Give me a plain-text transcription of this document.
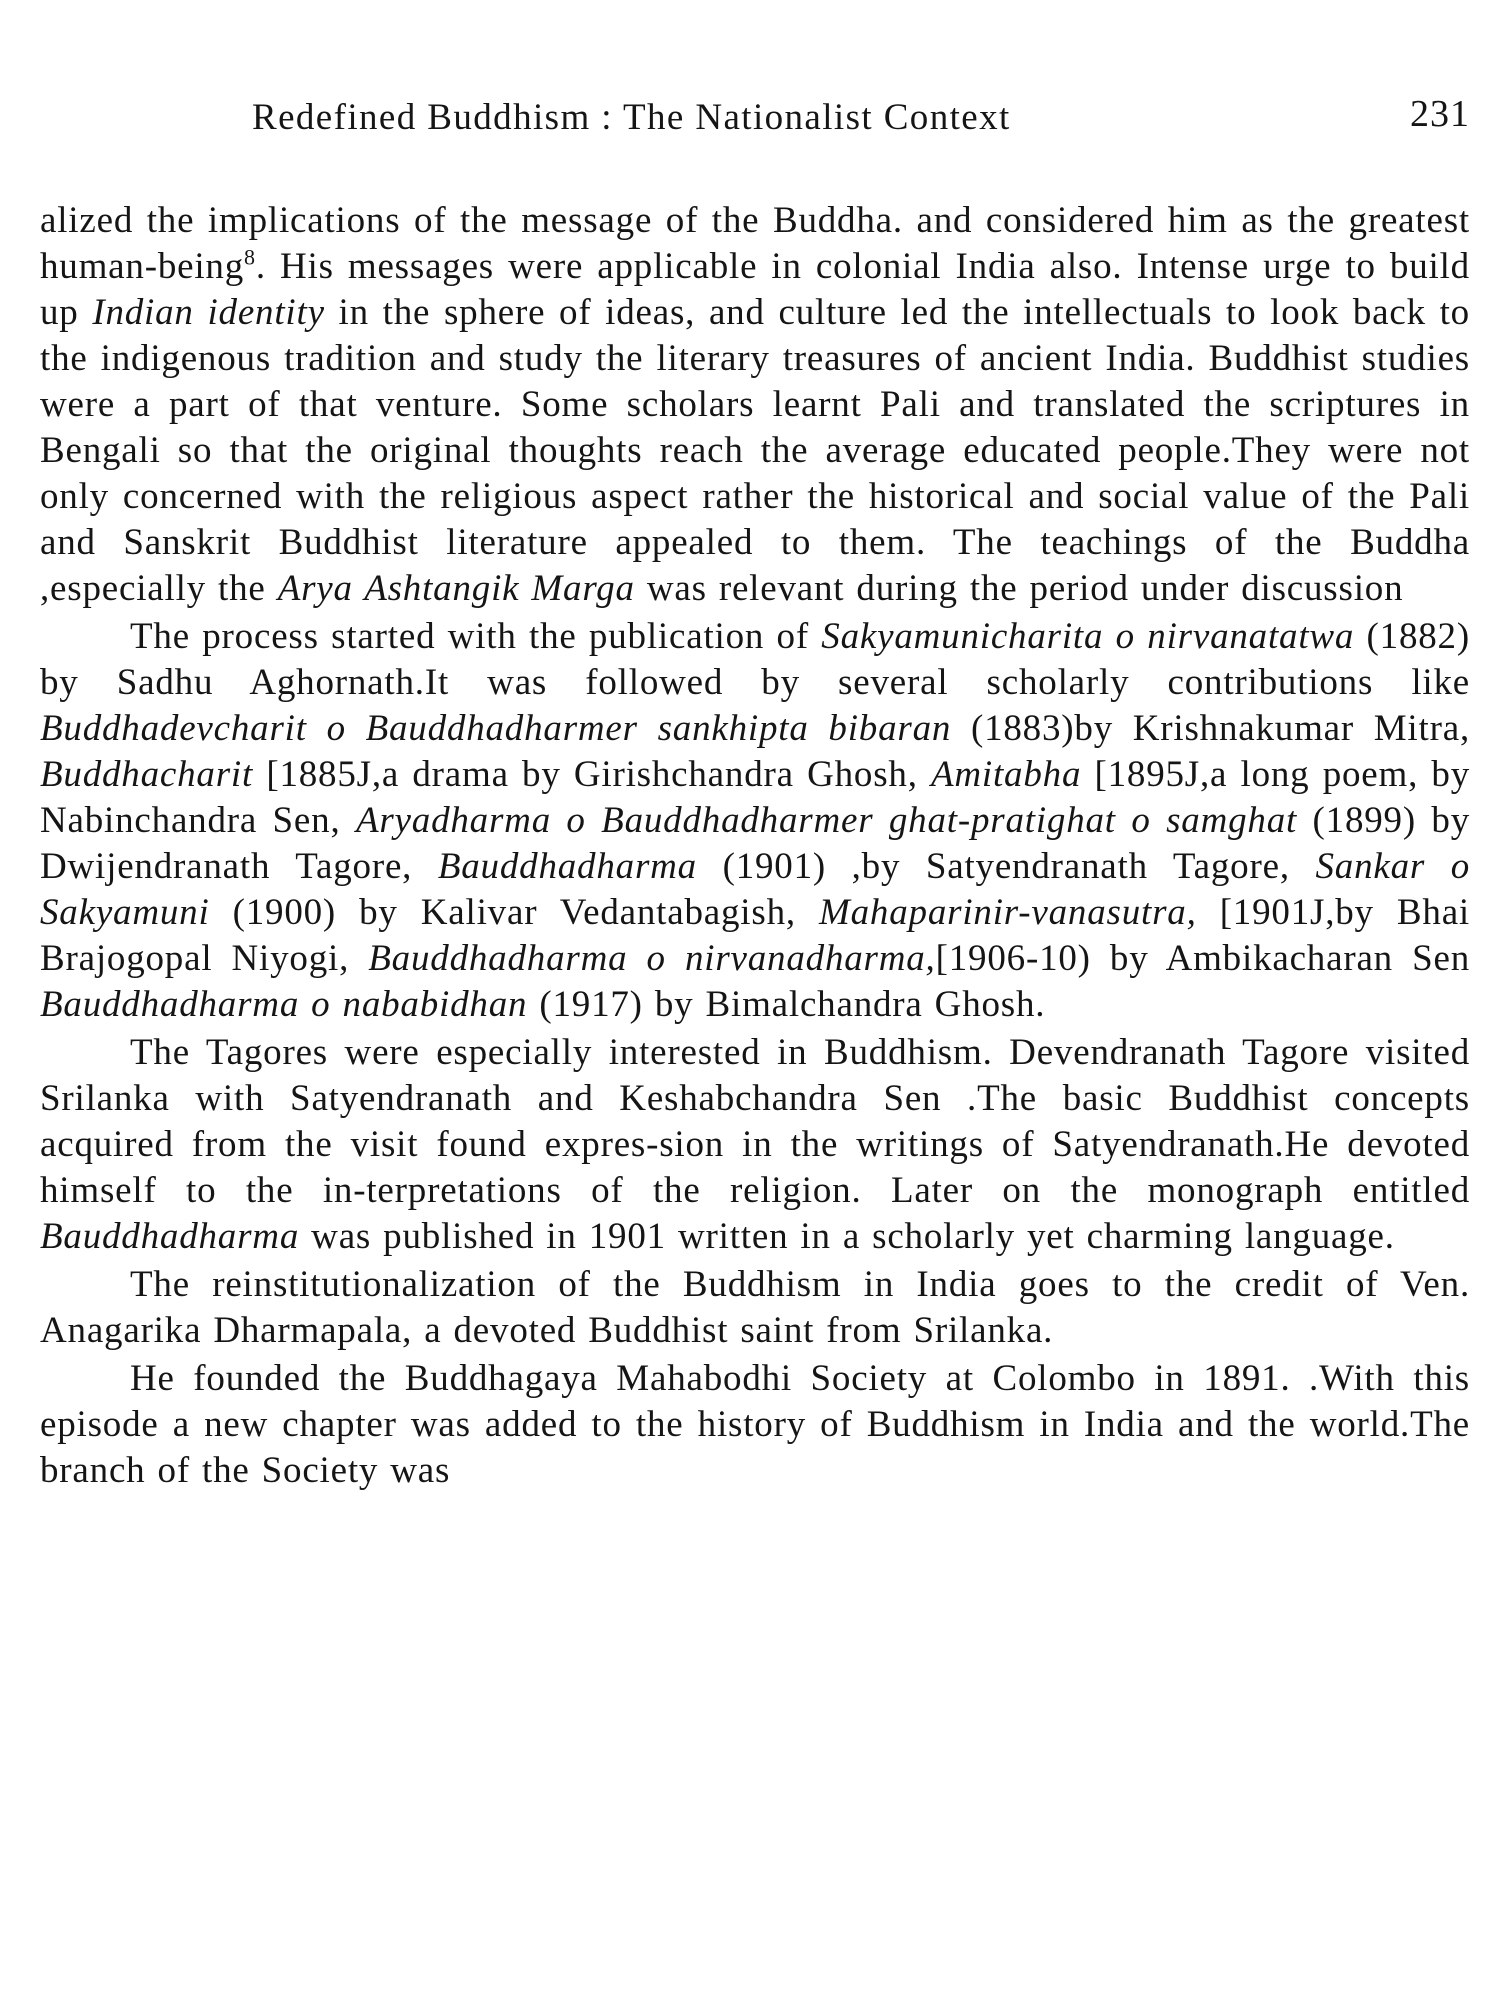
Redefined Buddhism : The Nationalist Context	231

alized the implications of the message of the Buddha. and considered him as the greatest human-being$^8$. His messages were applicable in colonial India also. Intense urge to build up Indian identity in the sphere of ideas, and culture led the intellectuals to look back to the indigenous tradition and study the literary treasures of ancient India. Buddhist studies were a part of that venture. Some scholars learnt Pali and translated the scriptures in Bengali so that the original thoughts reach the average educated people.They were not only concerned with the religious aspect rather the historical and social value of the Pali and Sanskrit Buddhist literature appealed to them. The teachings of the Buddha ,especially the Arya Ashtangik Marga was relevant during the period under discussion

The process started with the publication of Sakyamunicharita o nirvanatatwa (1882) by Sadhu Aghornath.It was followed by several scholarly contributions like Buddhadevcharit o Bauddhadharmer sankhipta bibaran (1883)by Krishnakumar Mitra, Buddhacharit [1885J,a drama by Girishchandra Ghosh, Amitabha [1895J,a long poem, by Nabinchandra Sen, Aryadharma o Bauddhadharmer ghat-pratighat o samghat (1899) by Dwijendranath Tagore, Bauddhadharma (1901) ,by Satyendranath Tagore, Sankar o Sakyamuni (1900) by Kalivar Vedantabagish, Mahaparinir-vanasutra, [1901J,by Bhai Brajogopal Niyogi, Bauddhadharma o nirvanadharma,[1906-10) by Ambikacharan Sen Bauddhadharma o nababidhan (1917) by Bimalchandra Ghosh.

The Tagores were especially interested in Buddhism. Devendranath Tagore visited Srilanka with Satyendranath and Keshabchandra Sen .The basic Buddhist concepts acquired from the visit found expres-sion in the writings of Satyendranath.He devoted himself to the in-terpretations of the religion. Later on the monograph entitled Bauddhadharma was published in 1901 written in a scholarly yet charming language.

The reinstitutionalization of the Buddhism in India goes to the credit of Ven. Anagarika Dharmapala, a devoted Buddhist saint from Srilanka.

He founded the Buddhagaya Mahabodhi Society at Colombo in 1891. .With this episode a new chapter was added to the history of Buddhism in India and the world.The branch of the Society was
